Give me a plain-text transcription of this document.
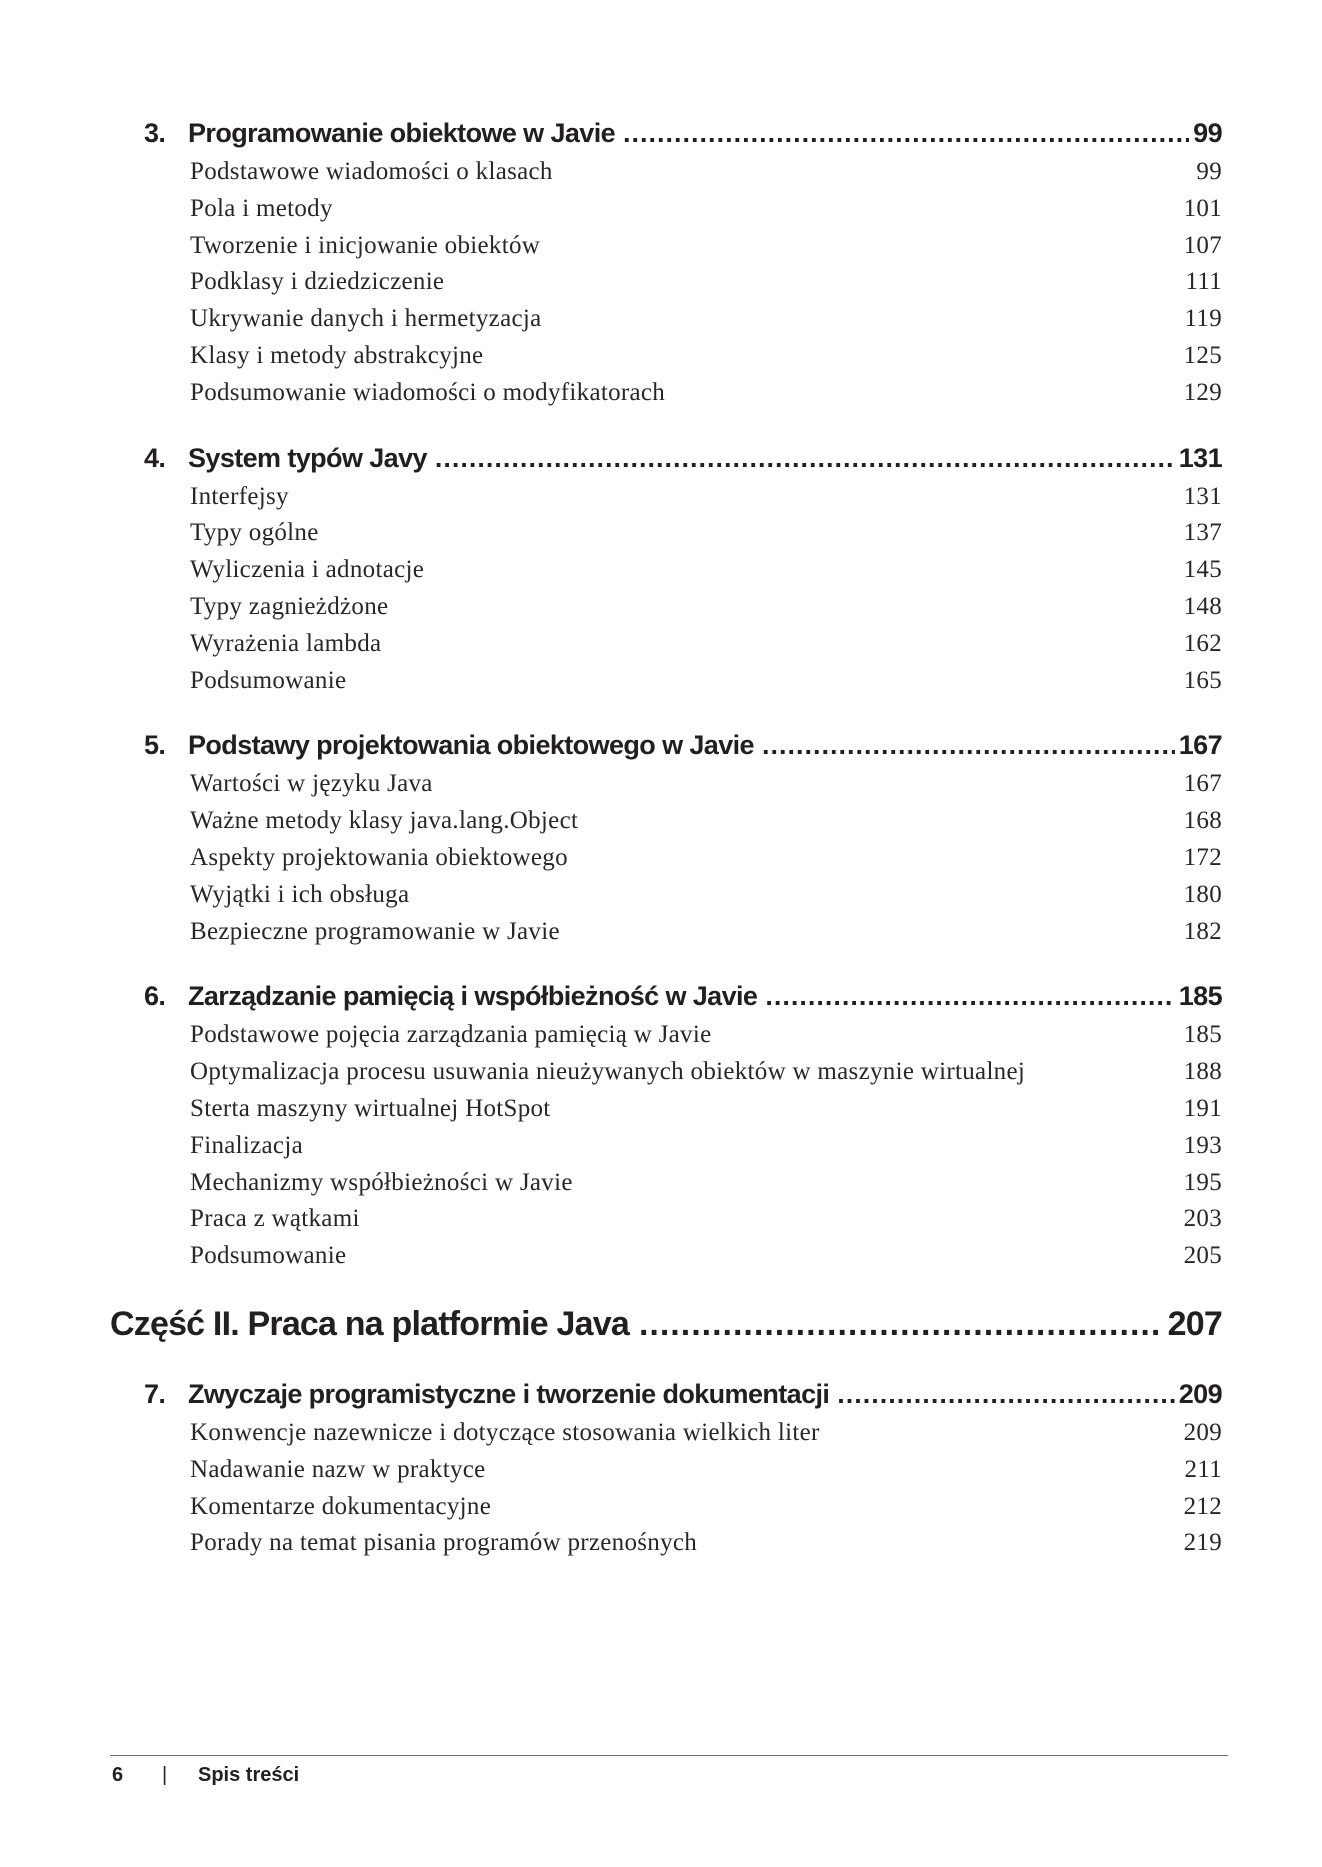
3. Programowanie obiektowe w Javie .....	99
Podstawowe wiadomości o klasach	99
Pola i metody	101
Tworzenie i inicjowanie obiektów	107
Podklasy i dziedziczenie	111
Ukrywanie danych i hermetyzacja	119
Klasy i metody abstrakcyjne	125
Podsumowanie wiadomości o modyfikatorach	129
4. System typów Javy .....	131
Interfejsy	131
Typy ogólne	137
Wyliczenia i adnotacje	145
Typy zagnieżdżone	148
Wyrażenia lambda	162
Podsumowanie	165
5. Podstawy projektowania obiektowego w Javie .....	167
Wartości w języku Java	167
Ważne metody klasy java.lang.Object	168
Aspekty projektowania obiektowego	172
Wyjątki i ich obsługa	180
Bezpieczne programowanie w Javie	182
6. Zarządzanie pamięcią i współbieżność w Javie .....	185
Podstawowe pojęcia zarządzania pamięcią w Javie	185
Optymalizacja procesu usuwania nieużywanych obiektów w maszynie wirtualnej	188
Sterta maszyny wirtualnej HotSpot	191
Finalizacja	193
Mechanizmy współbieżności w Javie	195
Praca z wątkami	203
Podsumowanie	205
Część II. Praca na platformie Java .....	207
7. Zwyczaje programistyczne i tworzenie dokumentacji .....	209
Konwencje nazewnicze i dotyczące stosowania wielkich liter	209
Nadawanie nazw w praktyce	211
Komentarze dokumentacyjne	212
Porady na temat pisania programów przenośnych	219
6	|	Spis treści
